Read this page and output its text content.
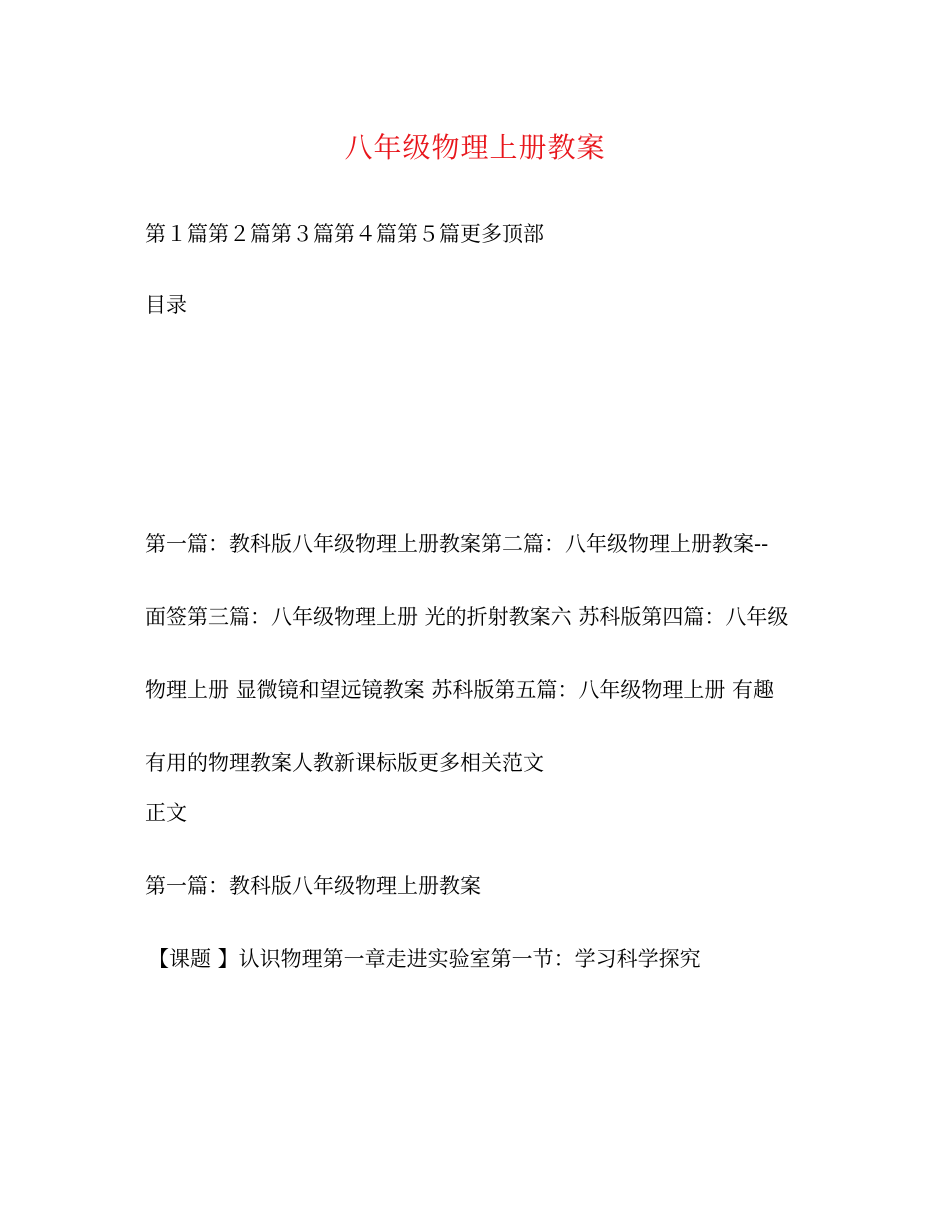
八年级物理上册教案
第１篇第２篇第３篇第４篇第５篇更多顶部
目录
第一篇：教科版八年级物理上册教案第二篇：八年级物理上册教案--
面签第三篇：八年级物理上册 光的折射教案六 苏科版第四篇：八年级
物理上册 显微镜和望远镜教案 苏科版第五篇：八年级物理上册 有趣
有用的物理教案人教新课标版更多相关范文
正文
第一篇：教科版八年级物理上册教案
【课题 】认识物理第一章走进实验室第一节：学习科学探究
